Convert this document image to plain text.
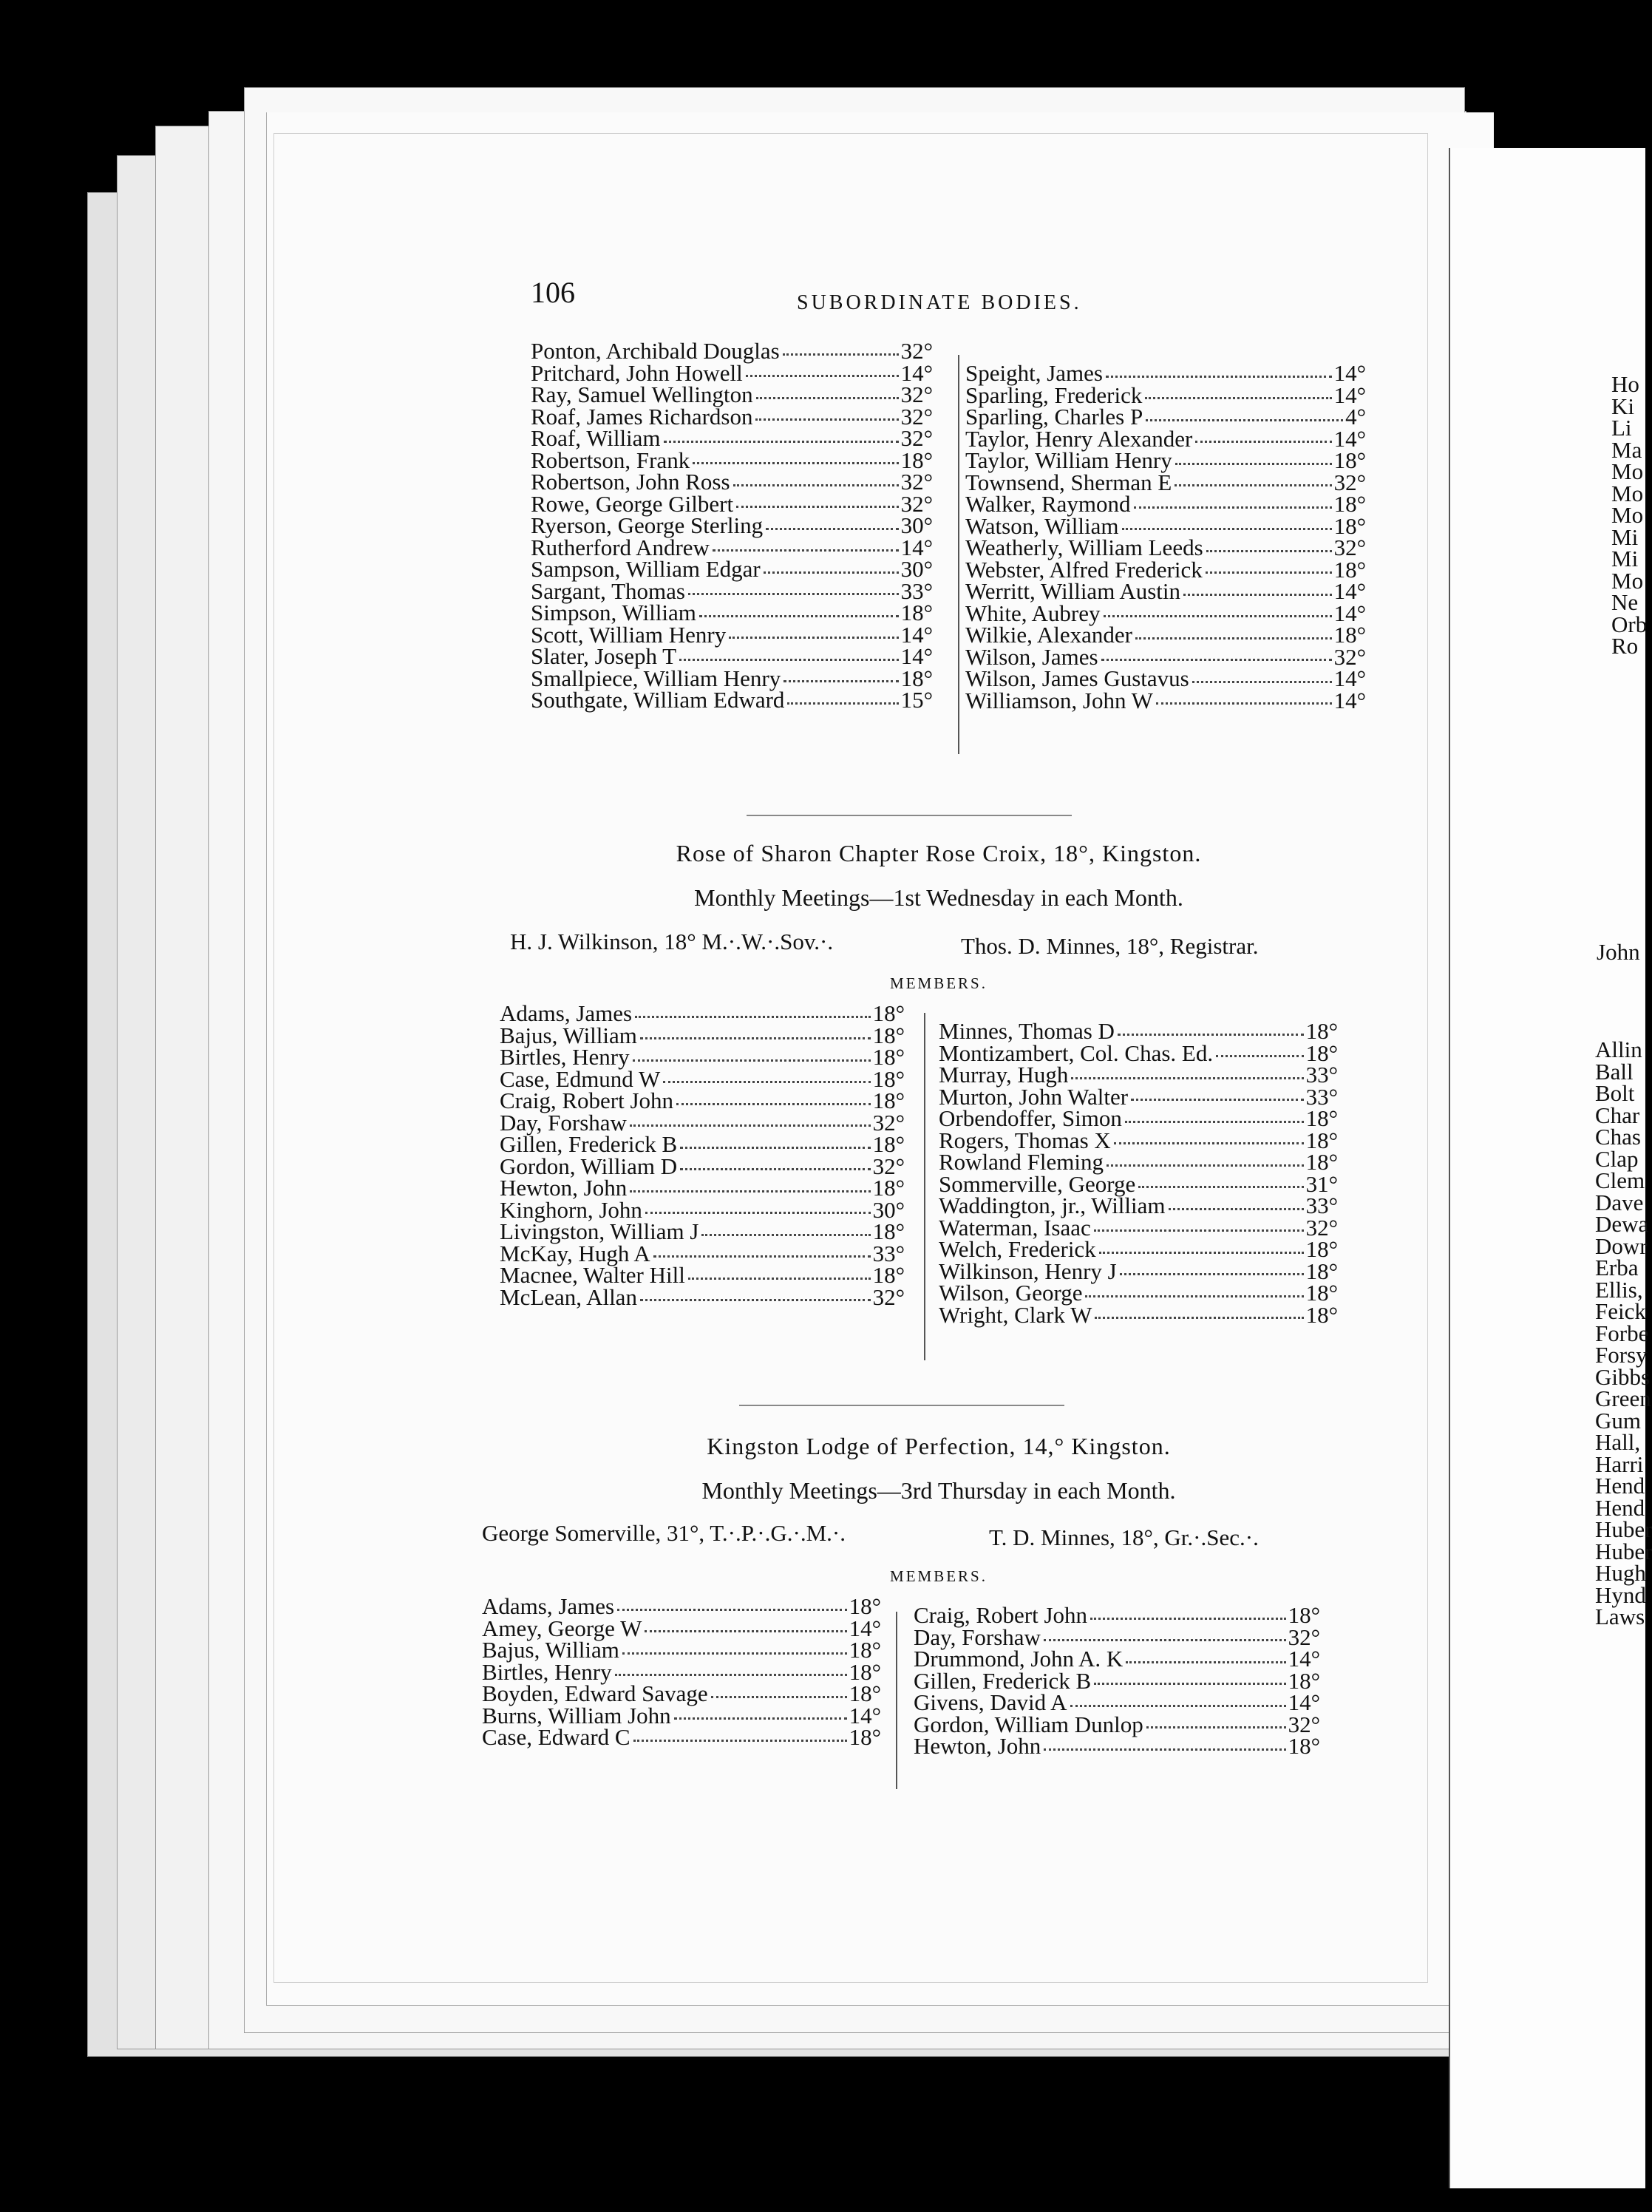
106	SUBORDINATE BODIES.
Ponton, Archibald Douglas	32°
Pritchard, John Howell	14°
Ray, Samuel Wellington	32°
Roaf, James Richardson	32°
Roaf, William	32°
Robertson, Frank	18°
Robertson, John Ross	32°
Rowe, George Gilbert	32°
Ryerson, George Sterling	30°
Rutherford Andrew	14°
Sampson, William Edgar	30°
Sargant, Thomas	33°
Simpson, William	18°
Scott, William Henry	14°
Slater, Joseph T	14°
Smallpiece, William Henry	18°
Southgate, William Edward	15°
Speight, James	14°
Sparling, Frederick	14°
Sparling, Charles P	4°
Taylor, Henry Alexander	14°
Taylor, William Henry	18°
Townsend, Sherman E	32°
Walker, Raymond	18°
Watson, William	18°
Weatherly, William Leeds	32°
Webster, Alfred Frederick	18°
Werritt, William Austin	14°
White, Aubrey	14°
Wilkie, Alexander	18°
Wilson, James	32°
Wilson, James Gustavus	14°
Williamson, John W	14°
Rose of Sharon Chapter Rose Croix, 18°, Kingston.
Monthly Meetings—1st Wednesday in each Month.
H. J. Wilkinson, 18° M.·.W.·.Sov.·.	Thos. D. Minnes, 18°, Registrar.
MEMBERS.
Adams, James	18°
Bajus, William	18°
Birtles, Henry	18°
Case, Edmund W	18°
Craig, Robert John	18°
Day, Forshaw	32°
Gillen, Frederick B	18°
Gordon, William D	32°
Hewton, John	18°
Kinghorn, John	30°
Livingston, William J	18°
McKay, Hugh A	33°
Macnee, Walter Hill	18°
McLean, Allan	32°
Minnes, Thomas D	18°
Montizambert, Col. Chas. Ed.	18°
Murray, Hugh	33°
Murton, John Walter	33°
Orbendoffer, Simon	18°
Rogers, Thomas X	18°
Rowland Fleming	18°
Sommerville, George	31°
Waddington, jr., William	33°
Waterman, Isaac	32°
Welch, Frederick	18°
Wilkinson, Henry J	18°
Wilson, George	18°
Wright, Clark W	18°
Kingston Lodge of Perfection, 14,° Kingston.
Monthly Meetings—3rd Thursday in each Month.
George Somerville, 31°, T.·.P.·.G.·.M.·.	T. D. Minnes, 18°, Gr.·.Sec.·.
MEMBERS.
Adams, James	18°
Amey, George W	14°
Bajus, William	18°
Birtles, Henry	18°
Boyden, Edward Savage	18°
Burns, William John	14°
Case, Edward C	18°
Craig, Robert John	18°
Day, Forshaw	32°
Drummond, John A. K	14°
Gillen, Frederick B	18°
Givens, David A	14°
Gordon, William Dunlop	32°
Hewton, John	18°
Ho
Ki
Li
Ma
Mo
Mo
Mo
Mi
Mi
Mo
Ne
Orb
Ro
John
Allin
Ball
Bolt
Char
Chas
Clap
Clem
Dave
Dewa
Dowr
Erba
Ellis,
Feick
Forbe
Forsy
Gibbs
Green
Gum
Hall,
Harri
Hend
Hend
Huber
Huber
Hugh
Hynd
Laws
